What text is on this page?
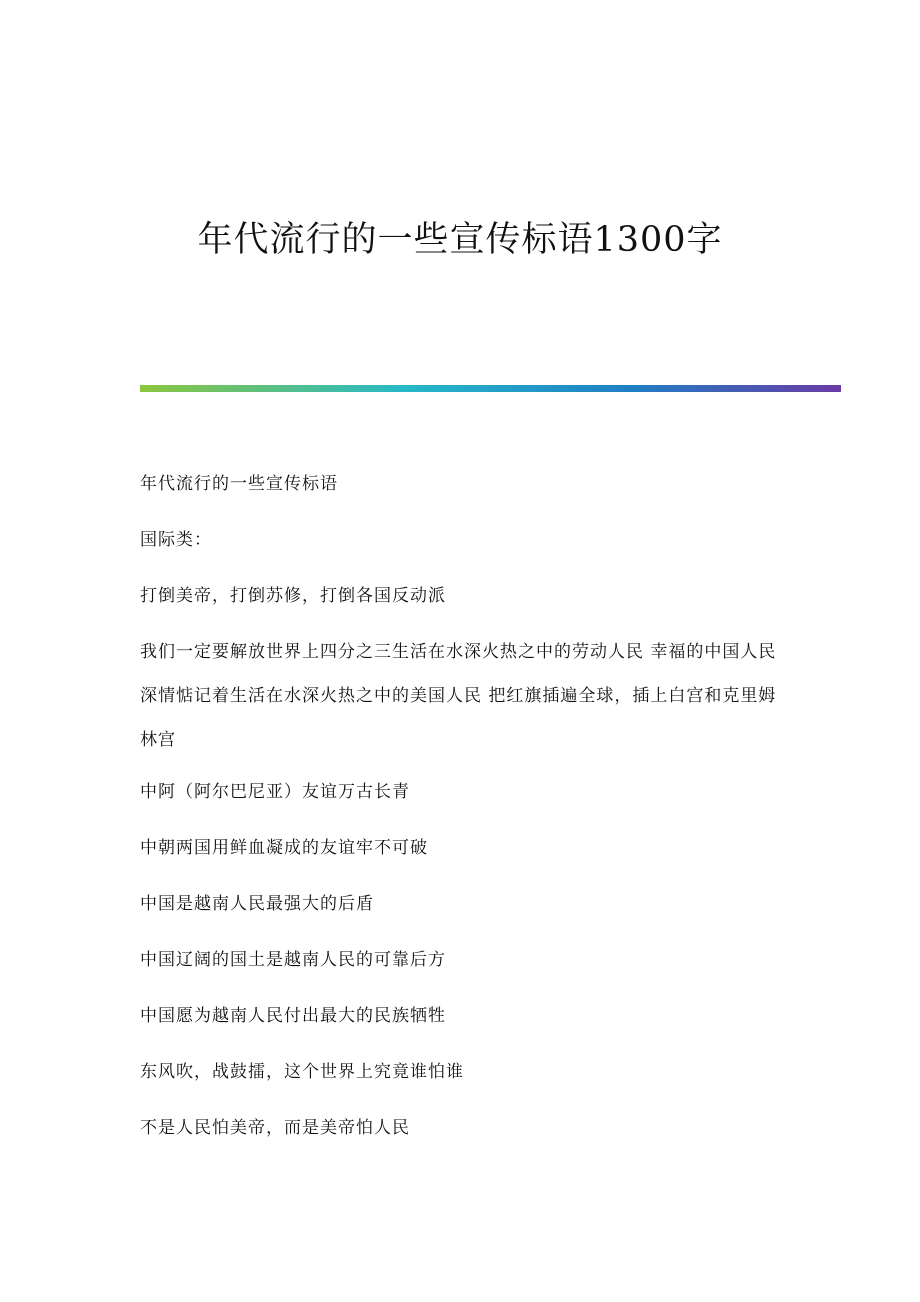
年代流行的一些宣传标语1300字

年代流行的一些宣传标语

国际类：

打倒美帝，打倒苏修，打倒各国反动派

我们一定要解放世界上四分之三生活在水深火热之中的劳动人民 幸福的中国人民深情惦记着生活在水深火热之中的美国人民 把红旗插遍全球，插上白宫和克里姆林宫

中阿（阿尔巴尼亚）友谊万古长青

中朝两国用鲜血凝成的友谊牢不可破

中国是越南人民最强大的后盾

中国辽阔的国土是越南人民的可靠后方

中国愿为越南人民付出最大的民族牺牲

东风吹，战鼓擂，这个世界上究竟谁怕谁

不是人民怕美帝，而是美帝怕人民
